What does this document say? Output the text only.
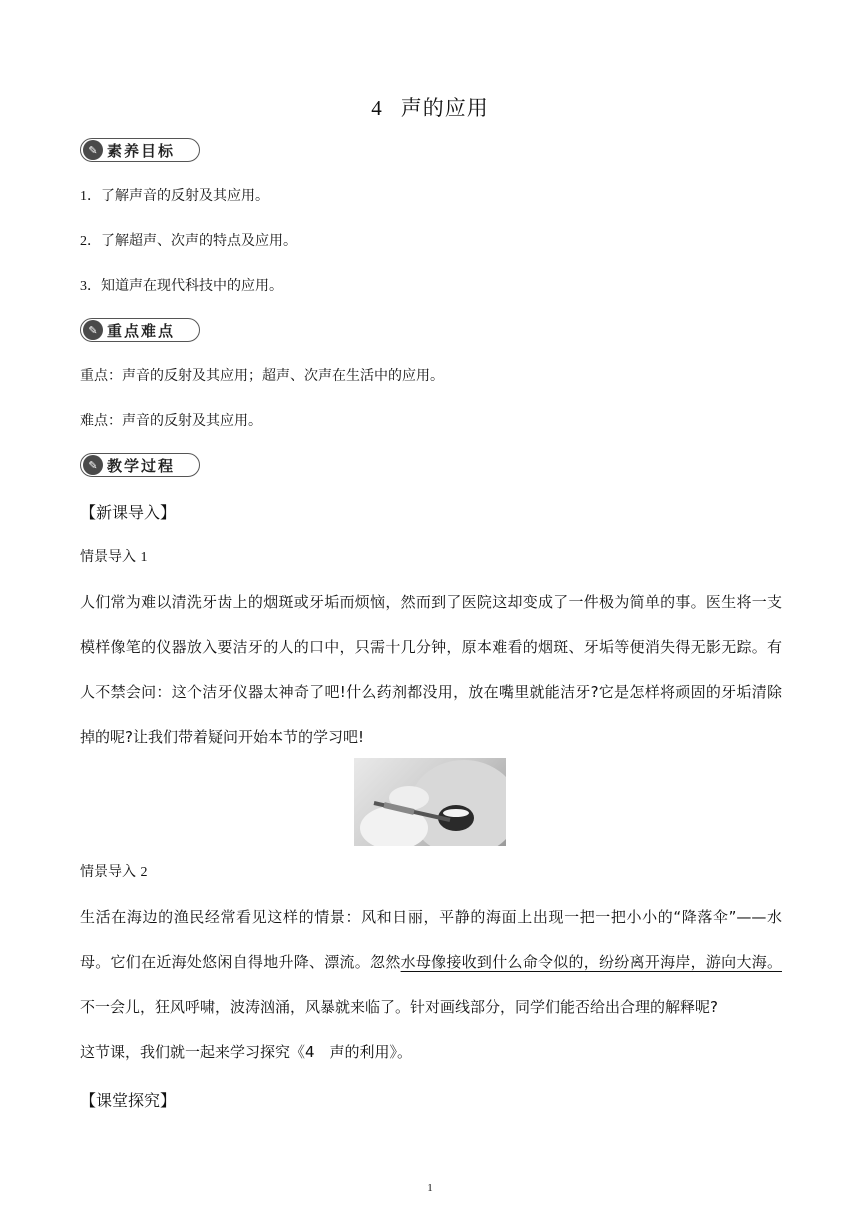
4 声的应用
✎ 素养目标
1．了解声音的反射及其应用。
2．了解超声、次声的特点及应用。
3．知道声在现代科技中的应用。
✎ 重点难点
重点：声音的反射及其应用；超声、次声在生活中的应用。
难点：声音的反射及其应用。
✎ 教学过程
【新课导入】
情景导入 1
人们常为难以清洗牙齿上的烟斑或牙垢而烦恼，然而到了医院这却变成了一件极为简单的事。医生将一支模样像笔的仪器放入要洁牙的人的口中，只需十几分钟，原本难看的烟斑、牙垢等便消失得无影无踪。有人不禁会问：这个洁牙仪器太神奇了吧!什么药剂都没用，放在嘴里就能洁牙?它是怎样将顽固的牙垢清除掉的呢?让我们带着疑问开始本节的学习吧!
情景导入 2
生活在海边的渔民经常看见这样的情景：风和日丽，平静的海面上出现一把一把小小的“降落伞”——水母。它们在近海处悠闲自得地升降、漂流。忽然水母像接收到什么命令似的，纷纷离开海岸，游向大海。不一会儿，狂风呼啸，波涛汹涌，风暴就来临了。针对画线部分，同学们能否给出合理的解释呢?
这节课，我们就一起来学习探究《4　声的利用》。
【课堂探究】
1
